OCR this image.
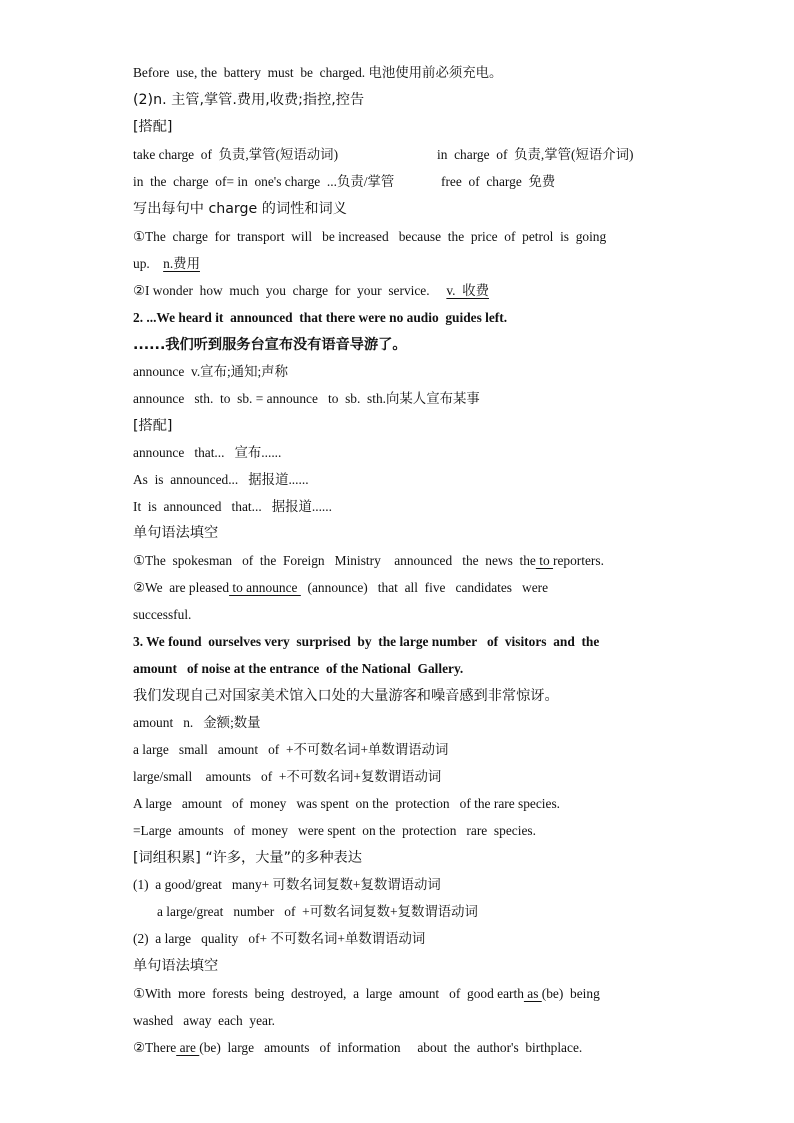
Before  use, the  battery  must  be  charged. 电池使用前必须充电。
(2)n. 主管,掌管.费用,收费;指控,控告
[搭配]
take charge  of  负责,掌管(短语动词)	in  charge  of  负责,掌管(短语介词)
in  the  charge  of= in  one's charge  ...负责/掌管	free  of  charge  免费
写出每句中 charge 的词性和词义
①The  charge  for  transport  will   be increased   because  the  price  of  petrol  is  going
up. n.费用
②I wonder  how  much  you  charge  for  your  service. v.  收费
2. ...We heard it  announced  that there were no audio  guides left.
......我们听到服务台宣布没有语音导游了。
announce  v.宣布;通知;声称
announce   sth.  to  sb. = announce   to  sb.  sth.向某人宣布某事
[搭配]
announce   that...   宣布......
As  is  announced...   据报道......
It  is  announced   that...   据报道......
单句语法填空
①The  spokesman   of  the  Foreign   Ministry    announced   the  news  the to reporters.
②We  are pleased to announce   (announce)   that  all  five   candidates   were
successful.
3. We found  ourselves very  surprised  by  the large number   of  visitors  and  the
amount   of noise at the entrance  of the National  Gallery.
我们发现自己对国家美术馆入口处的大量游客和噪音感到非常惊讶。
amount   n.   金额;数量
a large   small   amount   of  +不可数名词+单数谓语动词
large/small    amounts   of  +不可数名词+复数谓语动词
A large   amount   of  money   was spent  on the  protection   of the rare species.
=Large  amounts   of  money   were spent  on the  protection   rare  species.
[词组积累] “许多，大量”的多种表达
(1)  a good/great   many+ 可数名词复数+复数谓语动词
a large/great   number   of  +可数名词复数+复数谓语动词
(2)  a large   quality   of+ 不可数名词+单数谓语动词
单句语法填空
①With  more  forests  being  destroyed,  a  large  amount   of  good earth as (be)  being
washed   away  each  year.
②There are (be)  large   amounts   of  information     about  the  author's  birthplace.
